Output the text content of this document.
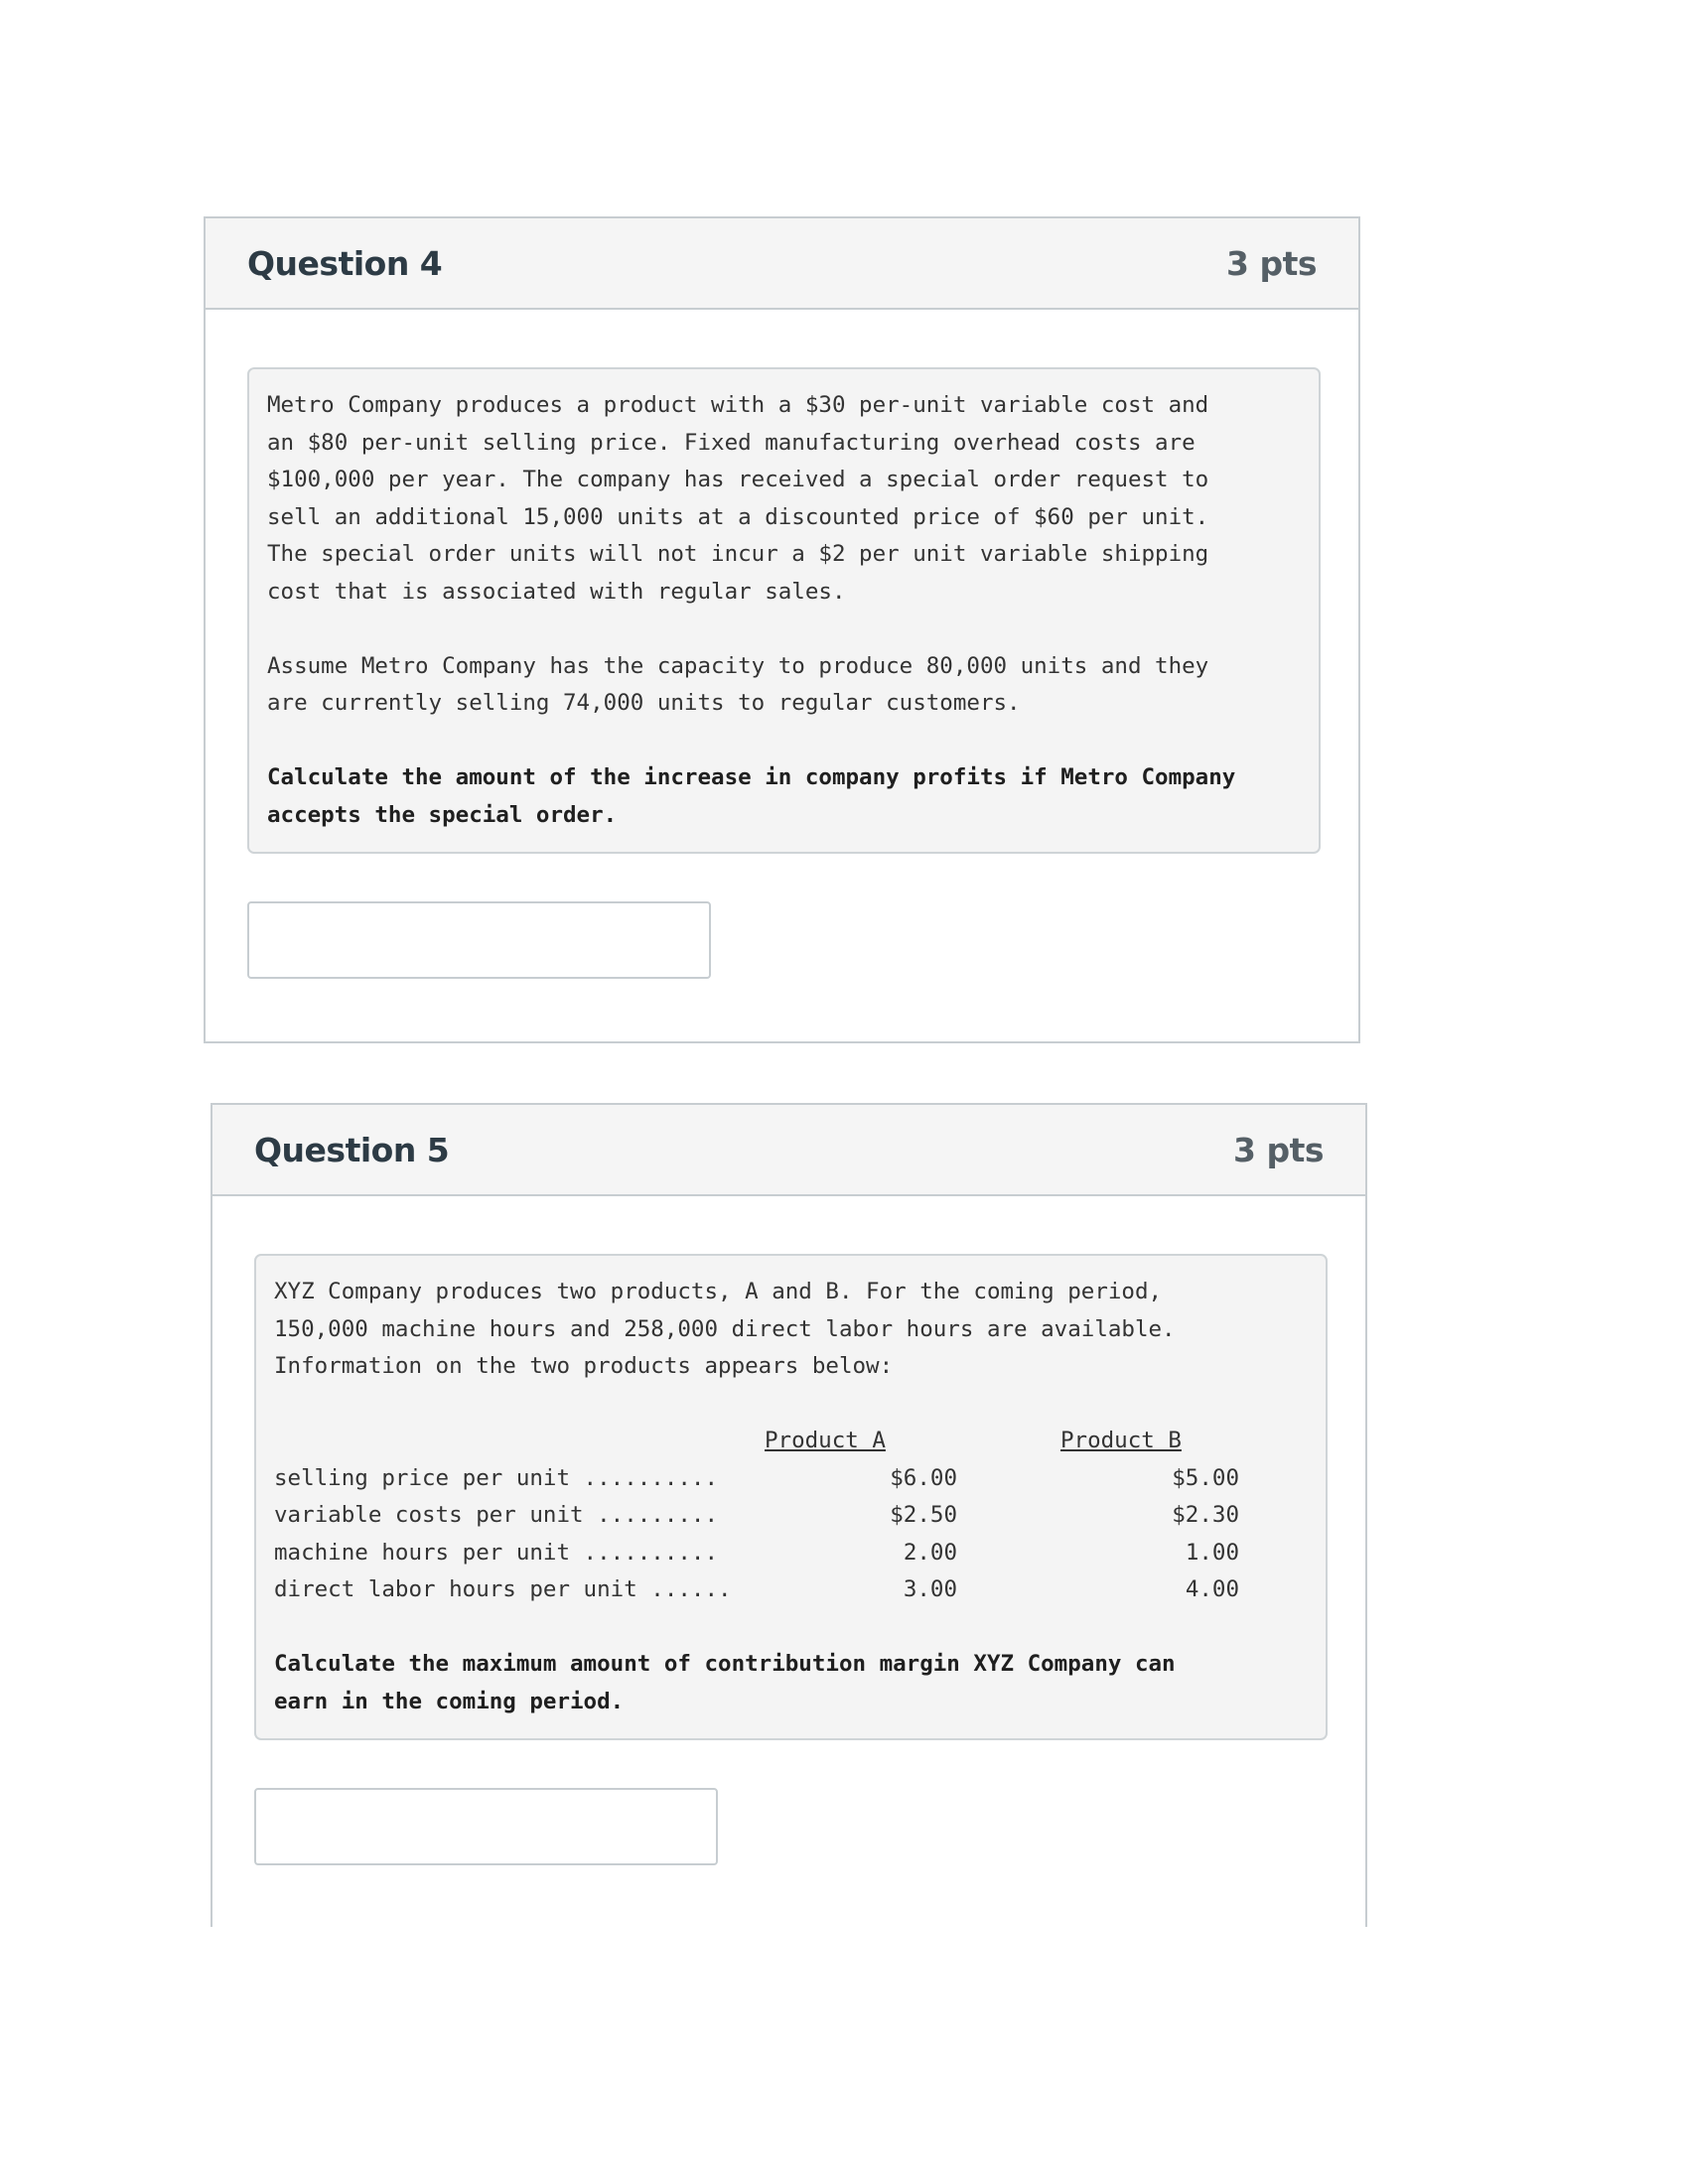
Question 4	3 pts

Metro Company produces a product with a $30 per-unit variable cost and
an $80 per-unit selling price. Fixed manufacturing overhead costs are
$100,000 per year. The company has received a special order request to
sell an additional 15,000 units at a discounted price of $60 per unit.
The special order units will not incur a $2 per unit variable shipping
cost that is associated with regular sales.

Assume Metro Company has the capacity to produce 80,000 units and they
are currently selling 74,000 units to regular customers.

Calculate the amount of the increase in company profits if Metro Company
accepts the special order.

Question 5	3 pts

XYZ Company produces two products, A and B. For the coming period,
150,000 machine hours and 258,000 direct labor hours are available.
Information on the two products appears below:

	Product A	Product B
selling price per unit ..........	$6.00	$5.00
variable costs per unit .........	$2.50	$2.30
machine hours per unit ..........	2.00	1.00
direct labor hours per unit ......	3.00	4.00

Calculate the maximum amount of contribution margin XYZ Company can
earn in the coming period.
